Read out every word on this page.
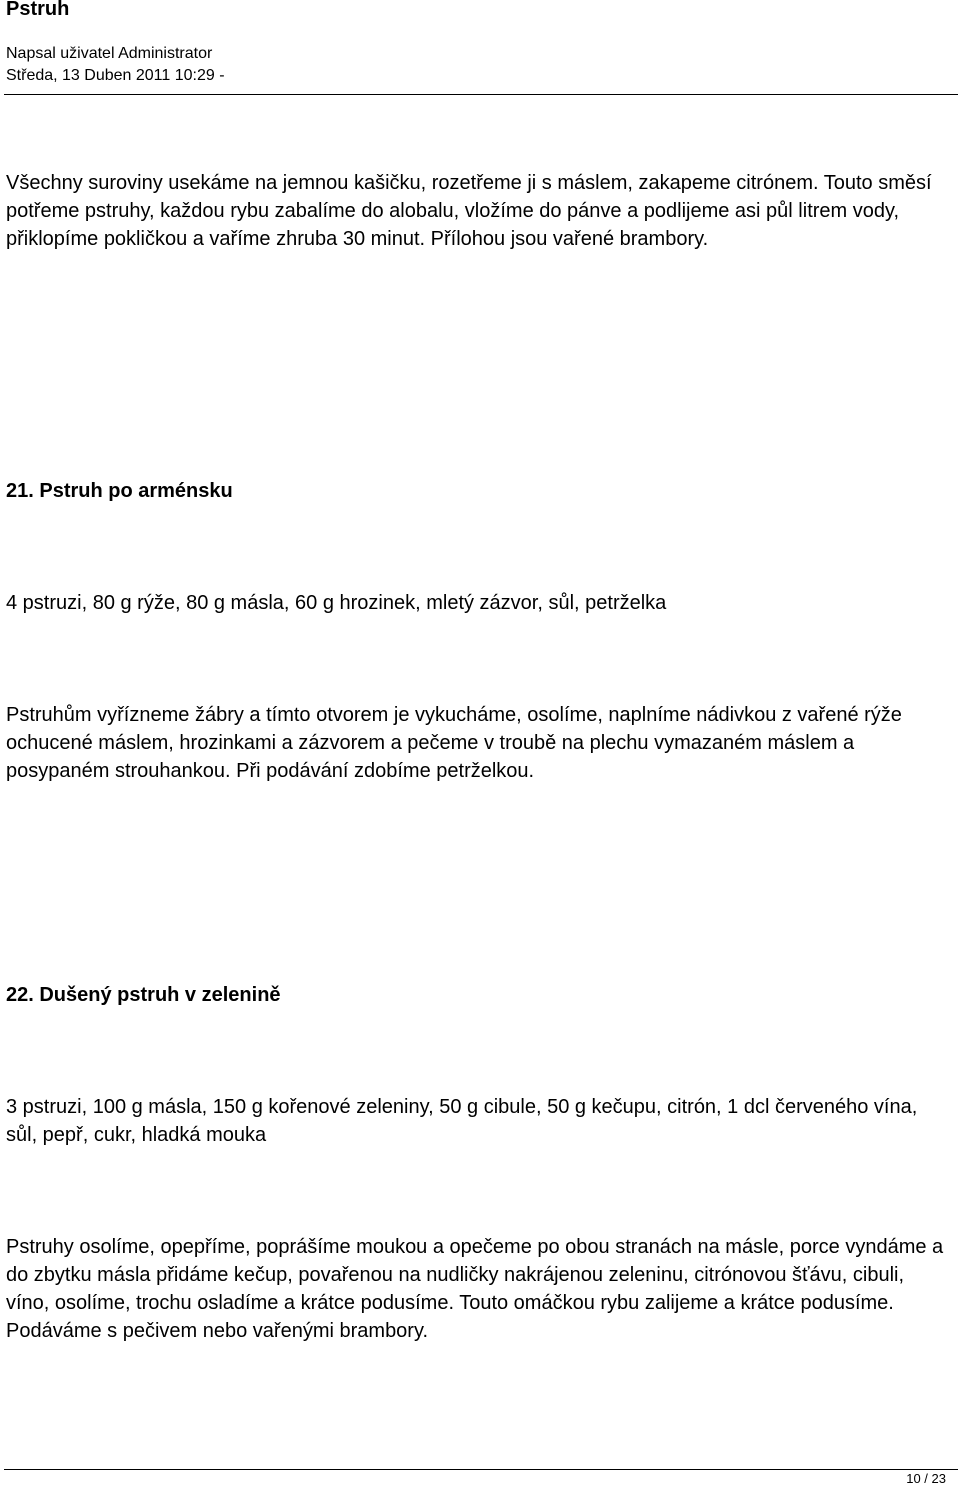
Pstruh
Napsal uživatel Administrator
Středa, 13 Duben 2011 10:29 -

Všechny suroviny usekáme na jemnou kašičku, rozetřeme ji s máslem, zakapeme citrónem. Touto směsí potřeme pstruhy, každou rybu zabalíme do alobalu, vložíme do pánve a podlijeme asi půl litrem vody, přiklopíme pokličkou a vaříme zhruba 30 minut. Přílohou jsou vařené brambory.

21. Pstruh po arménsku

4 pstruzi, 80 g rýže, 80 g másla, 60 g hrozinek, mletý zázvor, sůl, petrželka

Pstruhům vyřízneme žábry a tímto otvorem je vykucháme, osolíme, naplníme nádivkou z vařené rýže ochucené máslem, hrozinkami a zázvorem a pečeme v troubě na plechu vymazaném máslem a posypaném strouhankou. Při podávání zdobíme petrželkou.

22. Dušený pstruh v zelenině

3 pstruzi, 100 g másla, 150 g kořenové zeleniny, 50 g cibule, 50 g kečupu, citrón, 1 dcl červeného vína, sůl, pepř, cukr, hladká mouka

Pstruhy osolíme, opepříme, poprášíme moukou a opečeme po obou stranách na másle, porce vyndáme a do zbytku másla přidáme kečup, povařenou na nudličky nakrájenou zeleninu, citrónovou šťávu, cibuli, víno, osolíme, trochu osladíme a krátce podusíme. Touto omáčkou rybu zalijeme a krátce podusíme. Podáváme s pečivem nebo vařenými brambory.

10 / 23
